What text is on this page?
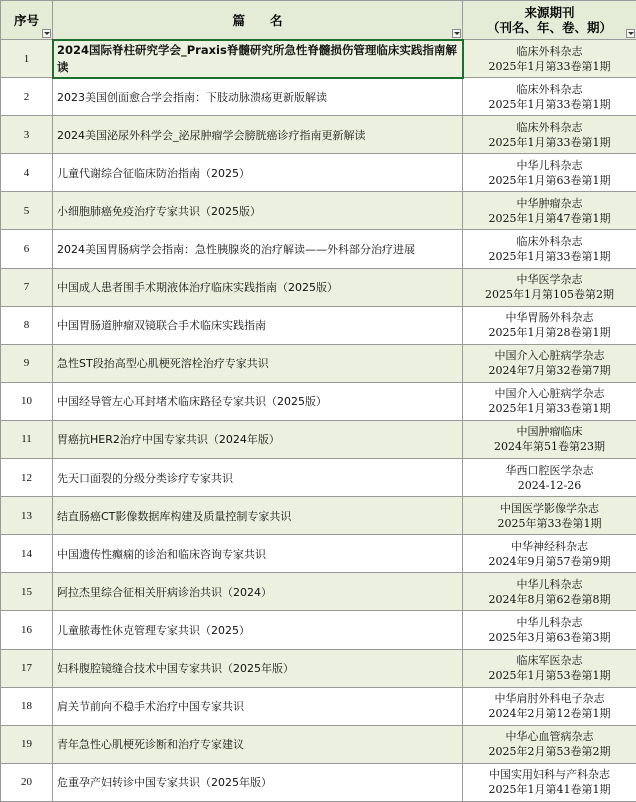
序号	篇　　名	来源期刊
（刊名、年、卷、期）

1	2024国际脊柱研究学会_Praxis脊髓研究所急性脊髓损伤管理临床实践指南解读	临床外科杂志
2025年1月第33卷第1期

2	2023美国创面愈合学会指南：下肢动脉溃疡更新版解读	临床外科杂志
2025年1月第33卷第1期

3	2024美国泌尿外科学会_泌尿肿瘤学会膀胱癌诊疗指南更新解读	临床外科杂志
2025年1月第33卷第1期

4	儿童代谢综合征临床防治指南（2025）	中华儿科杂志
2025年1月第63卷第1期

5	小细胞肺癌免疫治疗专家共识（2025版）	中华肿瘤杂志
2025年1月第47卷第1期

6	2024美国胃肠病学会指南：急性胰腺炎的治疗解读——外科部分治疗进展	临床外科杂志
2025年1月第33卷第1期

7	中国成人患者围手术期液体治疗临床实践指南（2025版）	中华医学杂志
2025年1月第105卷第2期

8	中国胃肠道肿瘤双镜联合手术临床实践指南	中华胃肠外科杂志
2025年1月第28卷第1期

9	急性ST段抬高型心肌梗死溶栓治疗专家共识	中国介入心脏病学杂志
2024年7月第32卷第7期

10	中国经导管左心耳封堵术临床路径专家共识（2025版）	中国介入心脏病学杂志
2025年1月第33卷第1期

11	胃癌抗HER2治疗中国专家共识（2024年版）	中国肿瘤临床
2024年第51卷第23期

12	先天口面裂的分级分类诊疗专家共识	华西口腔医学杂志
2024-12-26

13	结直肠癌CT影像数据库构建及质量控制专家共识	中国医学影像学杂志
2025年第33卷第1期

14	中国遗传性癫痫的诊治和临床咨询专家共识	中华神经科杂志
2024年9月第57卷第9期

15	阿拉杰里综合征相关肝病诊治共识（2024）	中华儿科杂志
2024年8月第62卷第8期

16	儿童脓毒性休克管理专家共识（2025）	中华儿科杂志
2025年3月第63卷第3期

17	妇科腹腔镜缝合技术中国专家共识（2025年版）	临床军医杂志
2025年1月第53卷第1期

18	肩关节前向不稳手术治疗中国专家共识	中华肩肘外科电子杂志
2024年2月第12卷第1期

19	青年急性心肌梗死诊断和治疗专家建议	中华心血管病杂志
2025年2月第53卷第2期

20	危重孕产妇转诊中国专家共识（2025年版）	中国实用妇科与产科杂志
2025年1月第41卷第1期
